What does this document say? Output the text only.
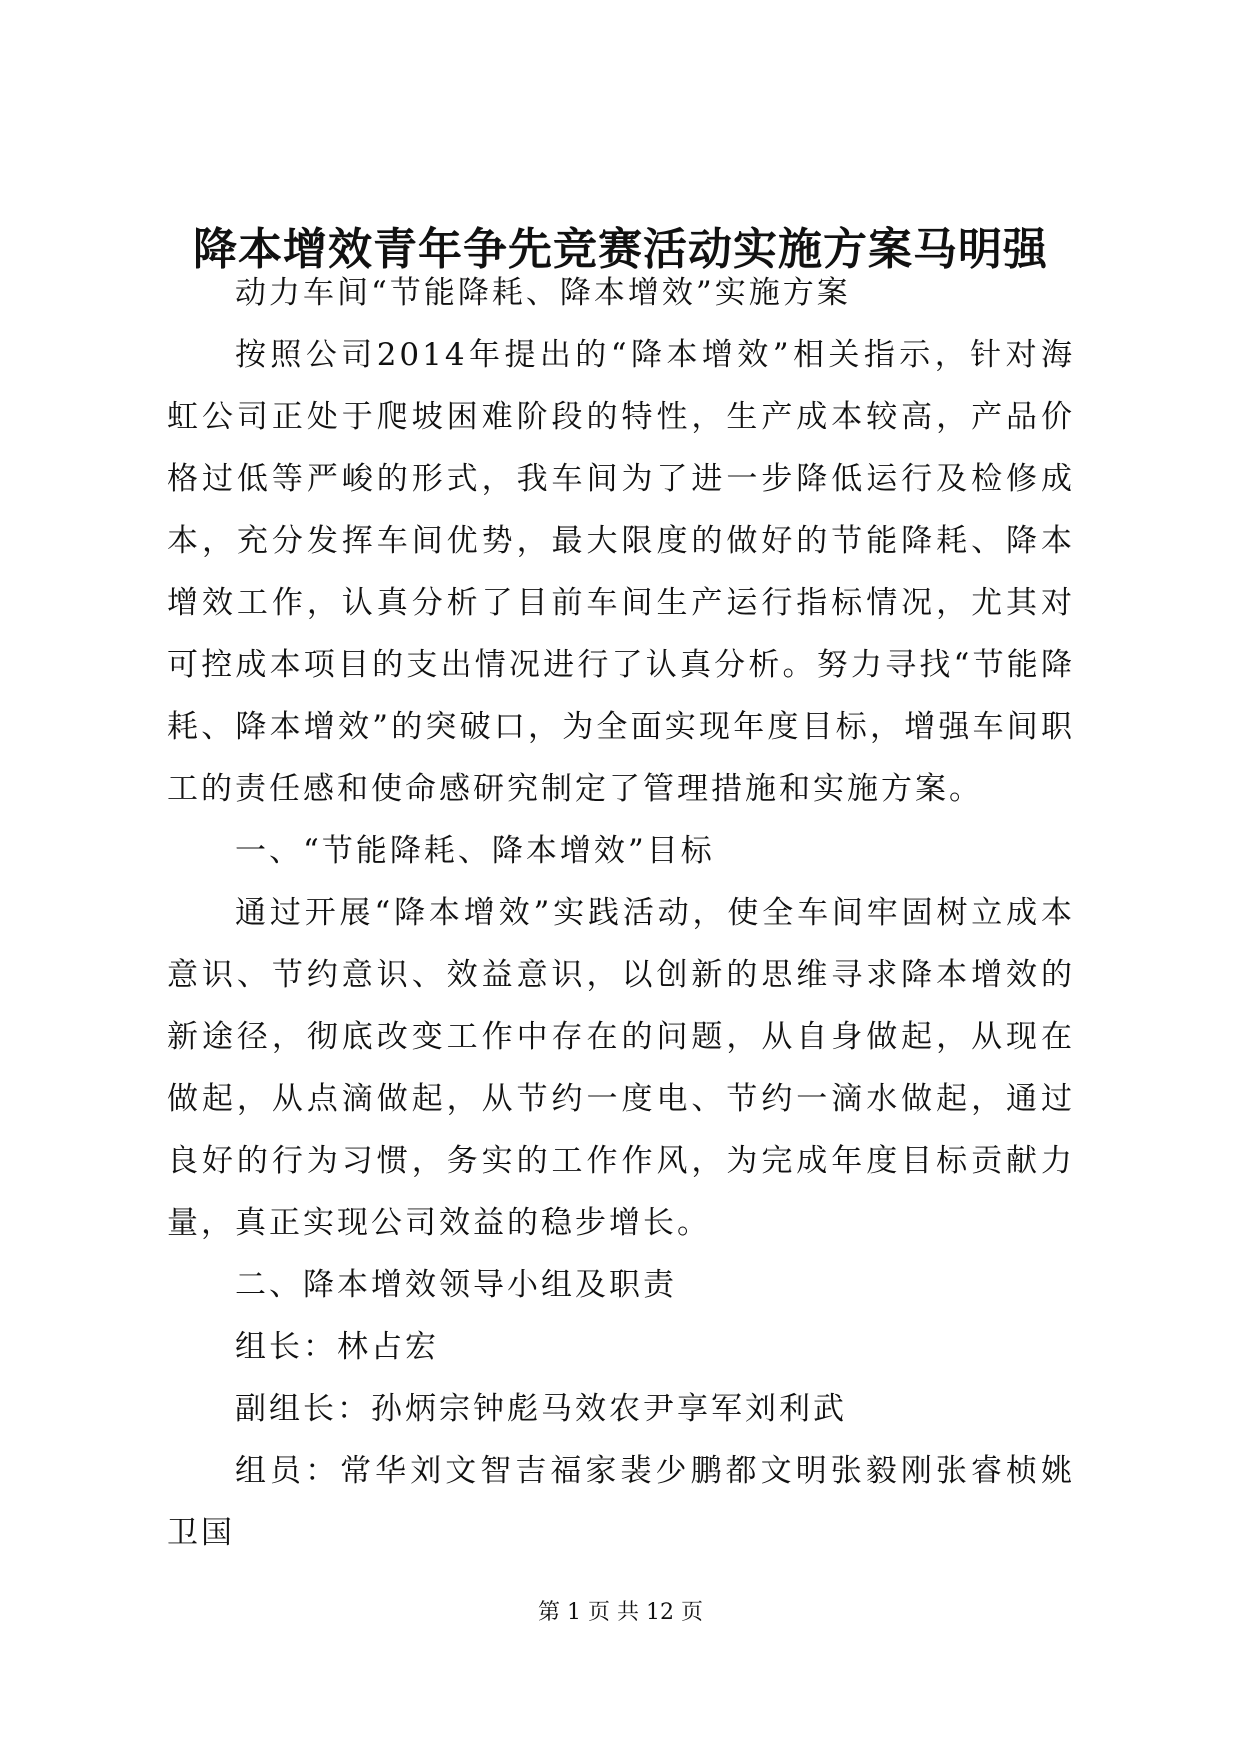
降本增效青年争先竞赛活动实施方案马明强

动力车间“节能降耗、降本增效”实施方案

按照公司2014年提出的“降本增效”相关指示，针对海虹公司正处于爬坡困难阶段的特性，生产成本较高，产品价格过低等严峻的形式，我车间为了进一步降低运行及检修成本，充分发挥车间优势，最大限度的做好的节能降耗、降本增效工作，认真分析了目前车间生产运行指标情况，尤其对可控成本项目的支出情况进行了认真分析。努力寻找“节能降耗、降本增效”的突破口，为全面实现年度目标，增强车间职工的责任感和使命感研究制定了管理措施和实施方案。

一、“节能降耗、降本增效”目标

通过开展“降本增效”实践活动，使全车间牢固树立成本意识、节约意识、效益意识，以创新的思维寻求降本增效的新途径，彻底改变工作中存在的问题，从自身做起，从现在做起，从点滴做起，从节约一度电、节约一滴水做起，通过良好的行为习惯，务实的工作作风，为完成年度目标贡献力量，真正实现公司效益的稳步增长。

二、降本增效领导小组及职责

组长：林占宏

副组长：孙炳宗钟彪马效农尹享军刘利武

组员：常华刘文智吉福家裴少鹏都文明张毅刚张睿桢姚卫国

第 1 页 共 12 页
